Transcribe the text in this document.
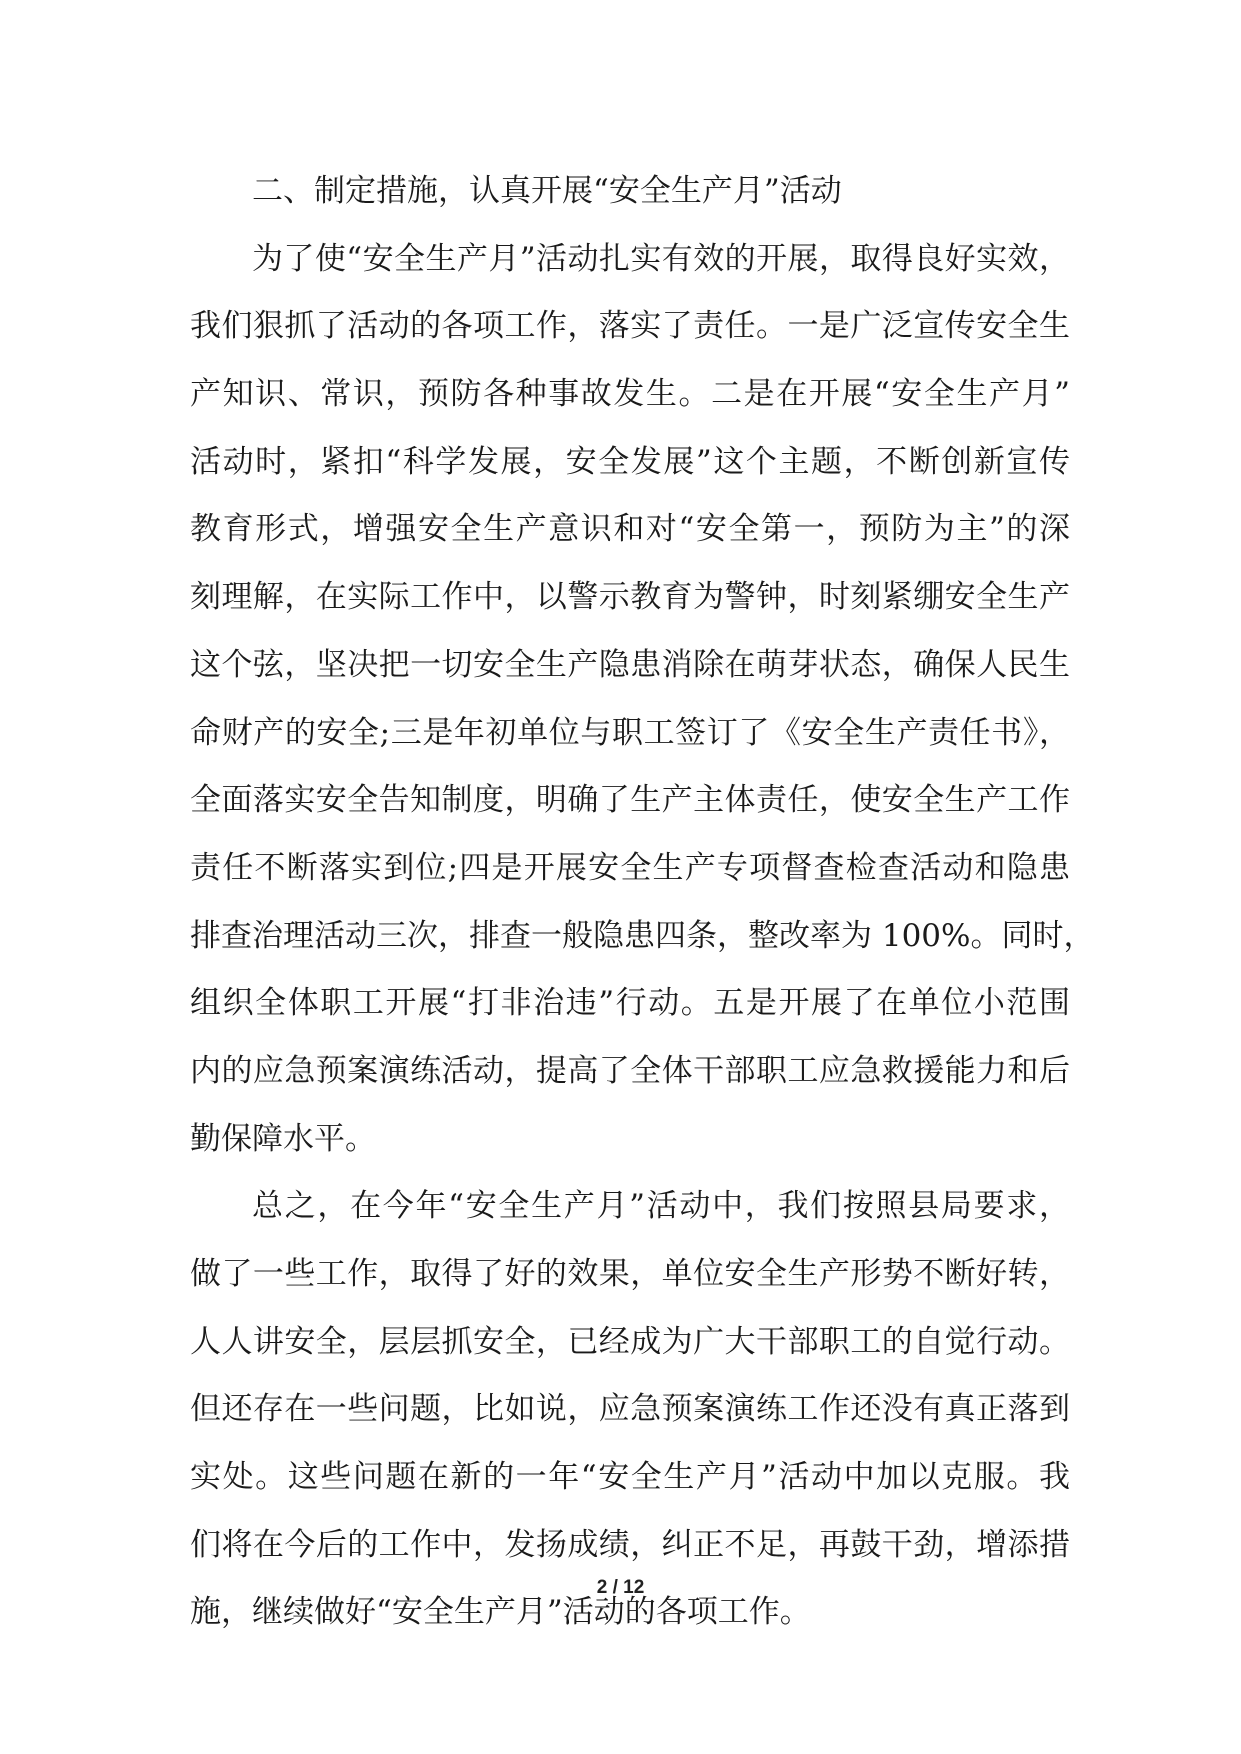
二、制定措施，认真开展“安全生产月”活动
为了使“安全生产月”活动扎实有效的开展，取得良好实效，
我们狠抓了活动的各项工作，落实了责任。一是广泛宣传安全生
产知识、常识，预防各种事故发生。二是在开展“安全生产月”
活动时，紧扣“科学发展，安全发展”这个主题，不断创新宣传
教育形式，增强安全生产意识和对“安全第一，预防为主”的深
刻理解，在实际工作中，以警示教育为警钟，时刻紧绷安全生产
这个弦，坚决把一切安全生产隐患消除在萌芽状态，确保人民生
命财产的安全;三是年初单位与职工签订了《安全生产责任书》，
全面落实安全告知制度，明确了生产主体责任，使安全生产工作
责任不断落实到位;四是开展安全生产专项督查检查活动和隐患
排查治理活动三次，排查一般隐患四条，整改率为 100%。同时，
组织全体职工开展“打非治违”行动。五是开展了在单位小范围
内的应急预案演练活动，提高了全体干部职工应急救援能力和后
勤保障水平。
总之，在今年“安全生产月”活动中，我们按照县局要求，
做了一些工作，取得了好的效果，单位安全生产形势不断好转，
人人讲安全，层层抓安全，已经成为广大干部职工的自觉行动。
但还存在一些问题，比如说，应急预案演练工作还没有真正落到
实处。这些问题在新的一年“安全生产月”活动中加以克服。我
们将在今后的工作中，发扬成绩，纠正不足，再鼓干劲，增添措
施，继续做好“安全生产月”活动的各项工作。
2 / 12
